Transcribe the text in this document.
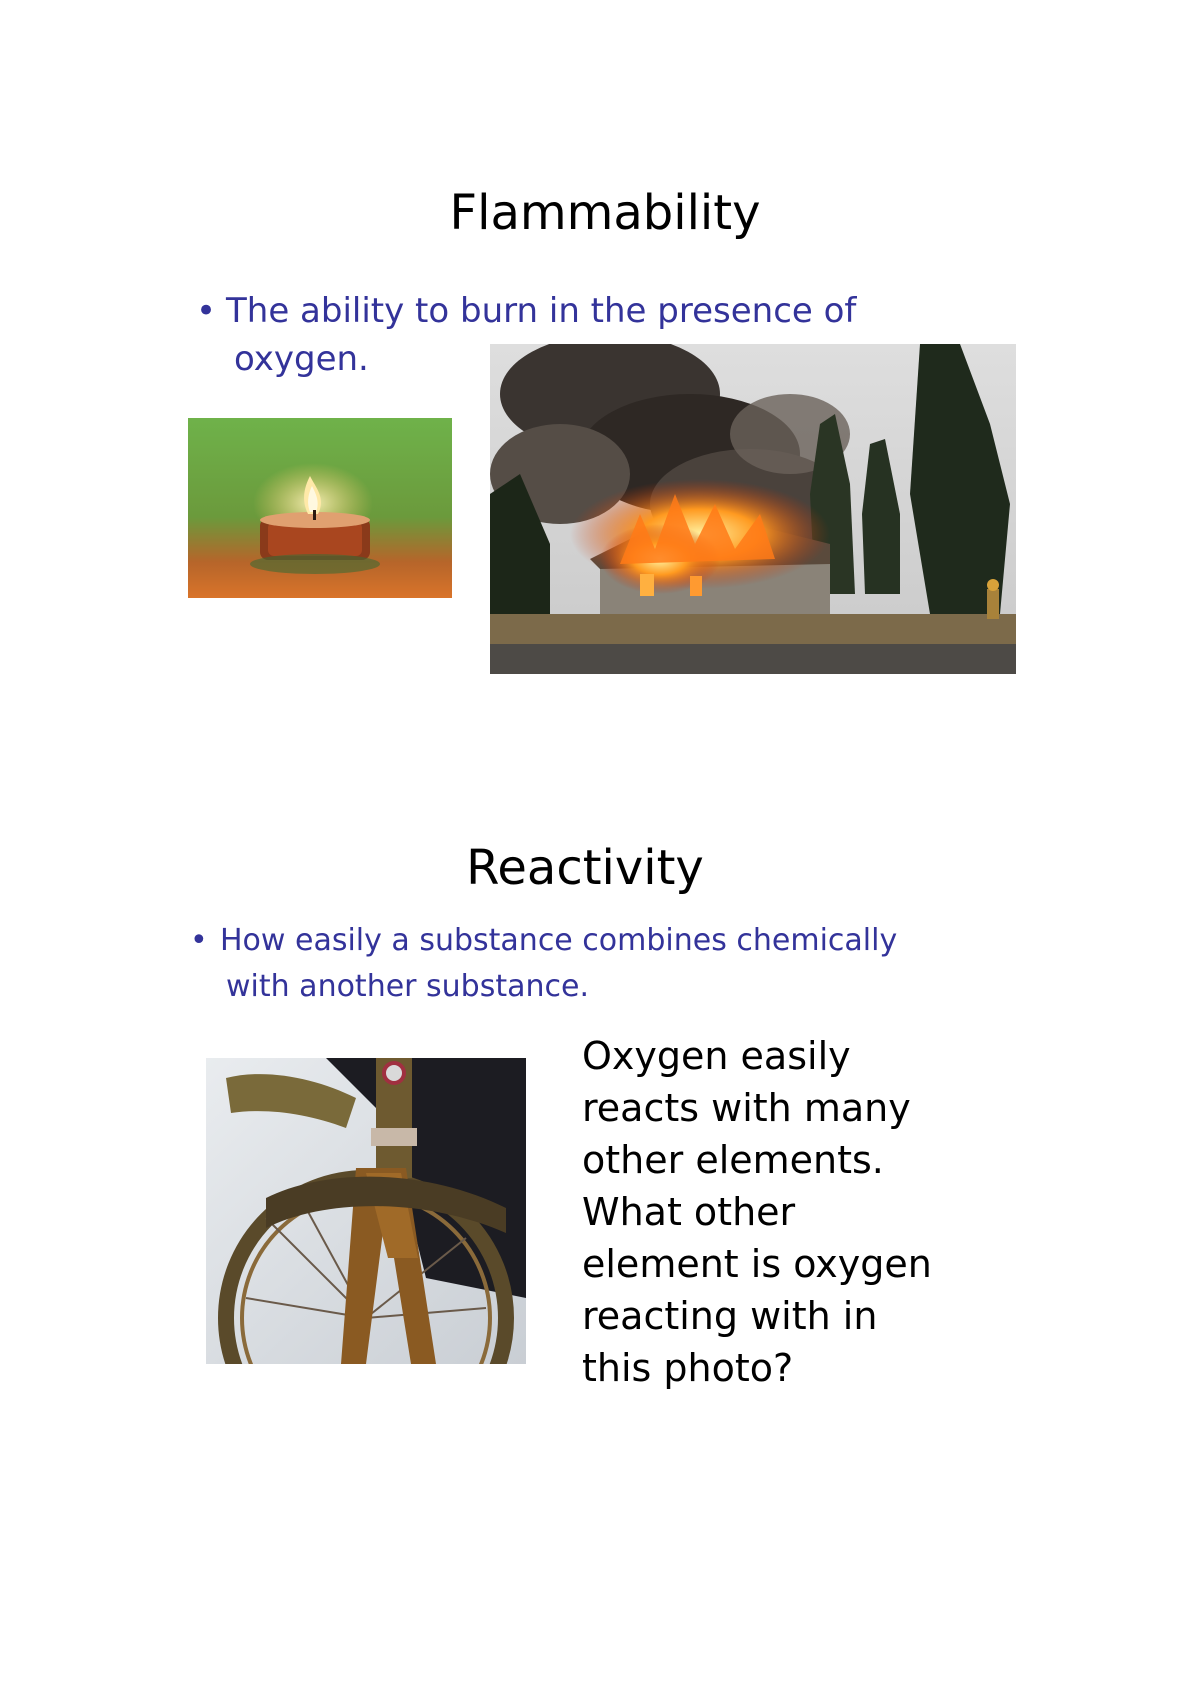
Flammability
• The ability to burn in the presence of
oxygen.
Reactivity
• How easily a substance combines chemically
with another substance.
Oxygen easily
reacts with many
other elements.
What other
element is oxygen
reacting with in
this photo?
